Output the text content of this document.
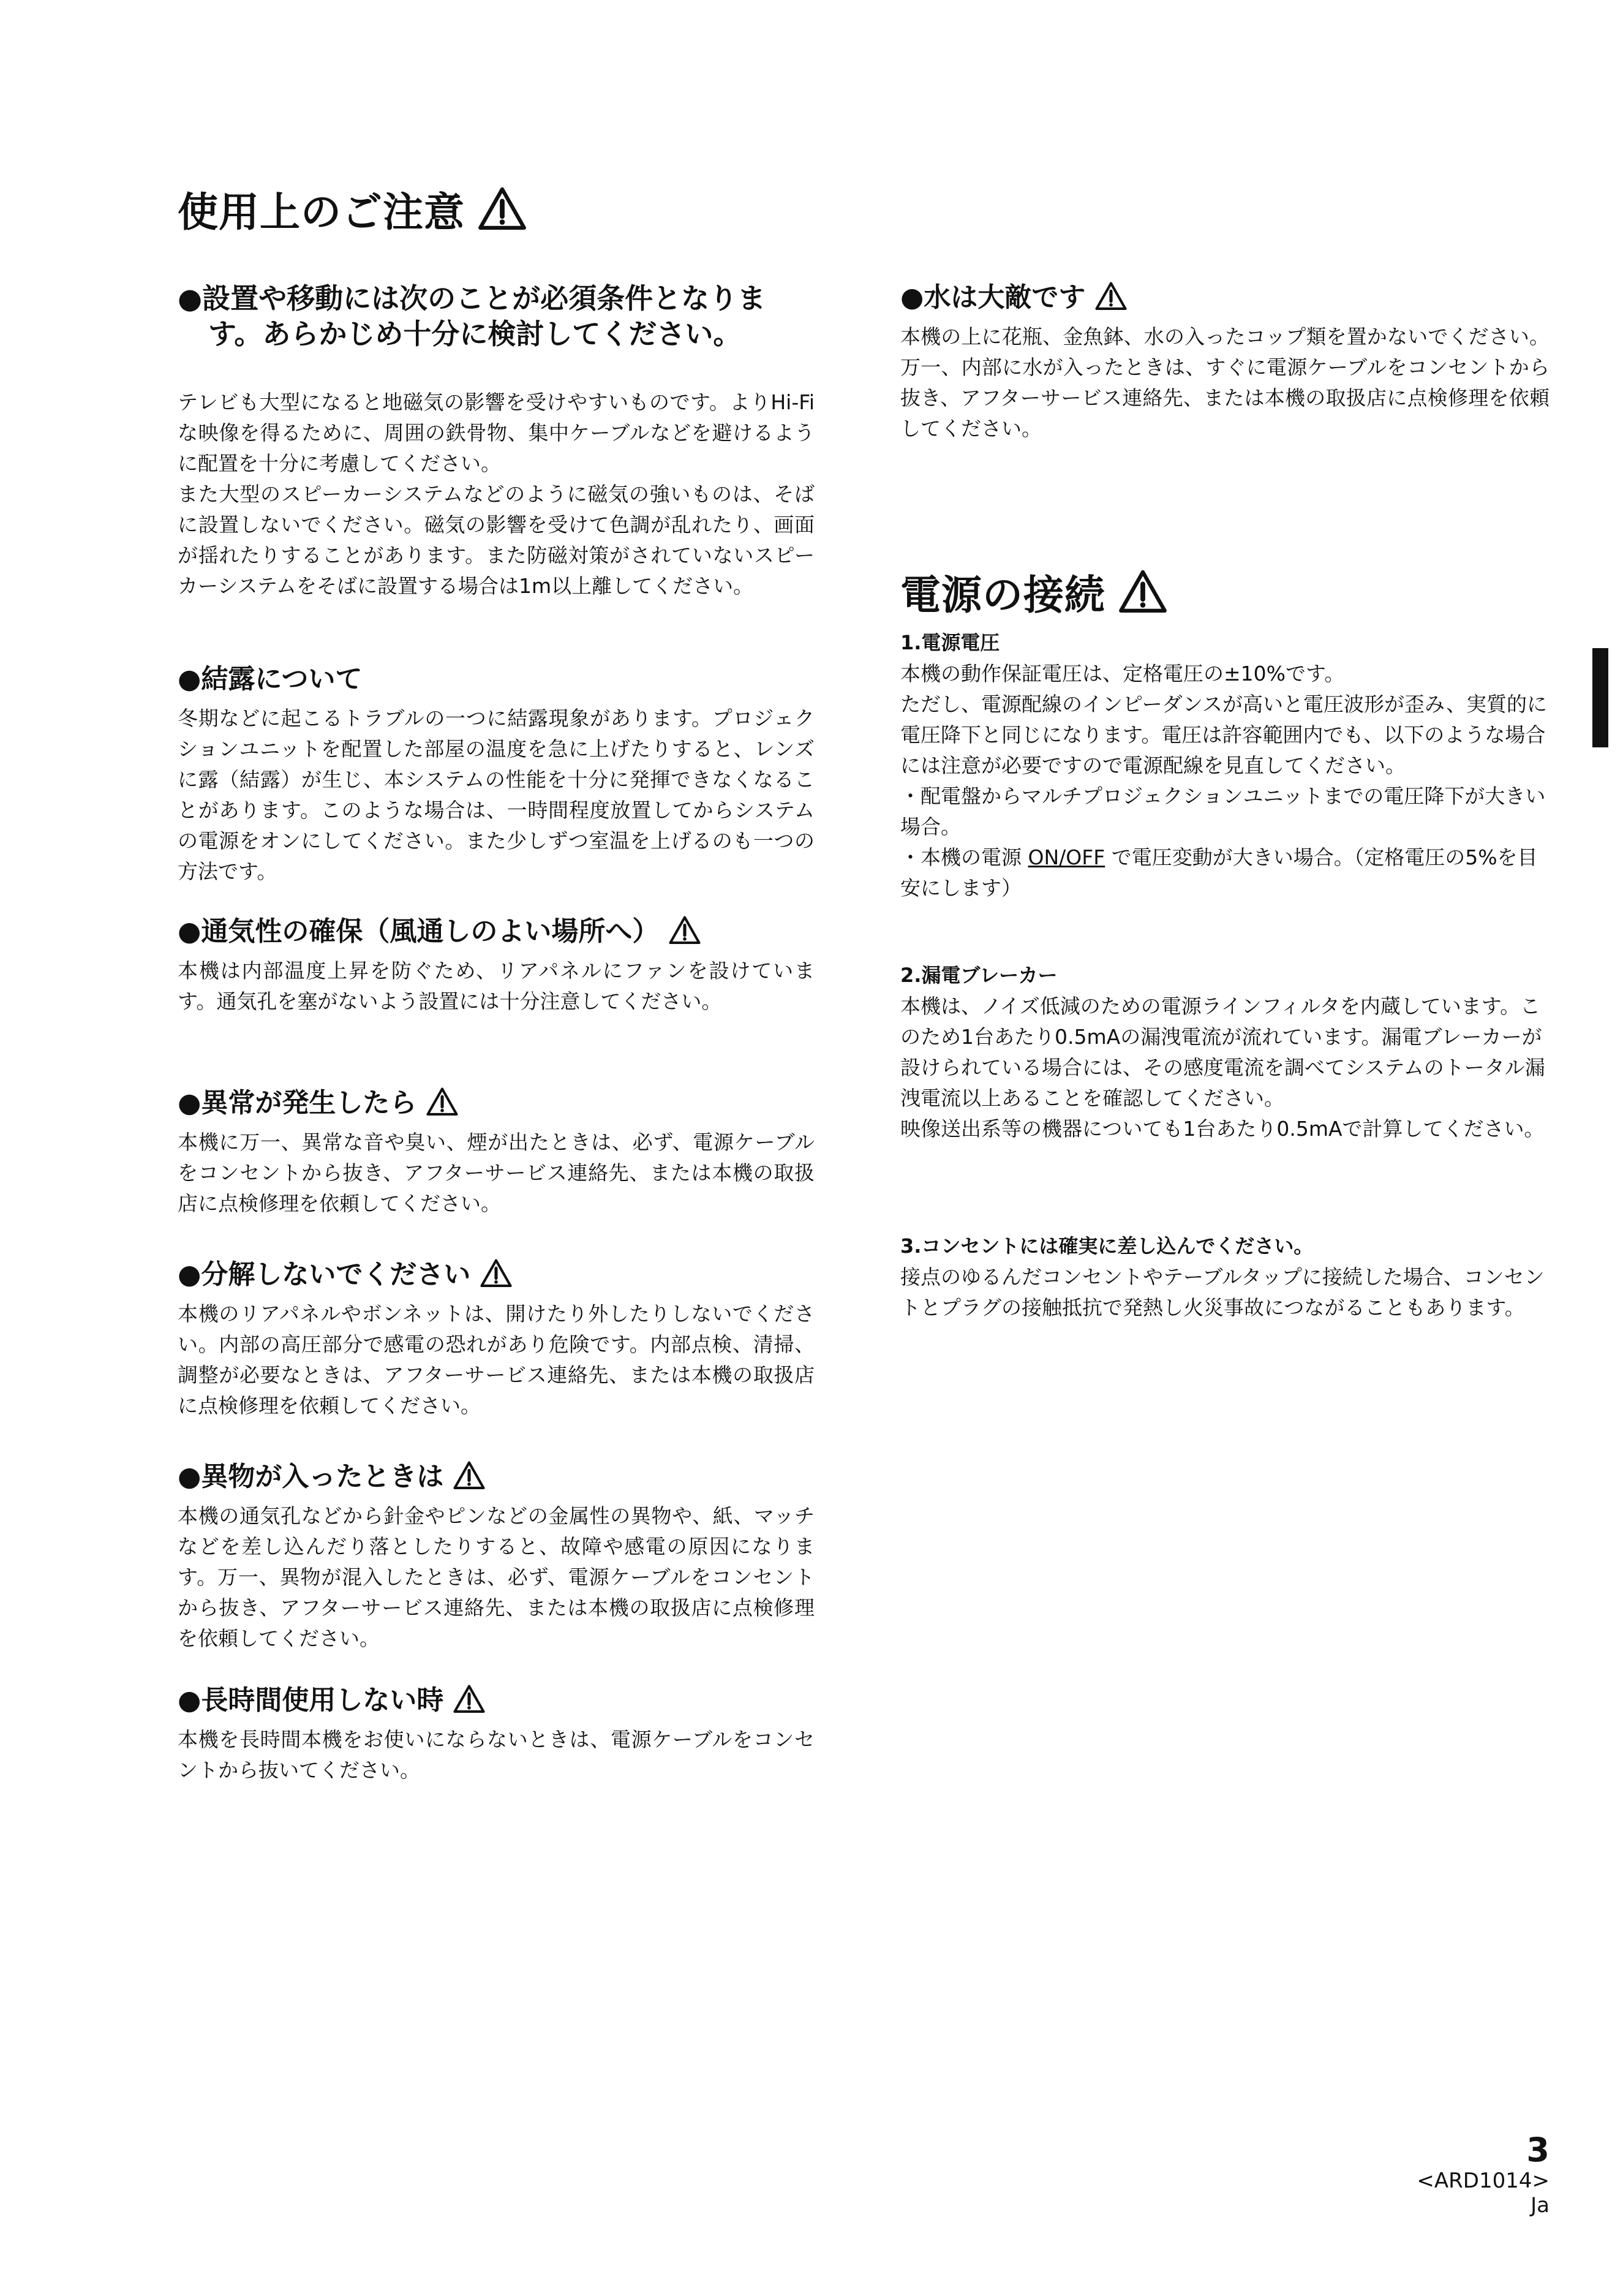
使用上のご注意
●設置や移動には次のことが必須条件となります。あらかじめ十分に検討してください。

テレビも大型になると地磁気の影響を受けやすいものです。よりHi-Fiな映像を得るために、周囲の鉄骨物、集中ケーブルなどを避けるように配置を十分に考慮してください。
また大型のスピーカーシステムなどのように磁気の強いものは、そばに設置しないでください。磁気の影響を受けて色調が乱れたり、画面が揺れたりすることがあります。また防磁対策がされていないスピーカーシステムをそばに設置する場合は1m以上離してください。

●結露について

冬期などに起こるトラブルの一つに結露現象があります。プロジェクションユニットを配置した部屋の温度を急に上げたりすると、レンズに露（結露）が生じ、本システムの性能を十分に発揮できなくなることがあります。このような場合は、一時間程度放置してからシステムの電源をオンにしてください。また少しずつ室温を上げるのも一つの方法です。

●通気性の確保（風通しのよい場所へ）

本機は内部温度上昇を防ぐため、リアパネルにファンを設けています。通気孔を塞がないよう設置には十分注意してください。

●異常が発生したら

本機に万一、異常な音や臭い、煙が出たときは、必ず、電源ケーブルをコンセントから抜き、アフターサービス連絡先、または本機の取扱店に点検修理を依頼してください。

●分解しないでください

本機のリアパネルやボンネットは、開けたり外したりしないでください。内部の高圧部分で感電の恐れがあり危険です。内部点検、清掃、調整が必要なときは、アフターサービス連絡先、または本機の取扱店に点検修理を依頼してください。

●異物が入ったときは

本機の通気孔などから針金やピンなどの金属性の異物や、紙、マッチなどを差し込んだり落としたりすると、故障や感電の原因になります。万一、異物が混入したときは、必ず、電源ケーブルをコンセントから抜き、アフターサービス連絡先、または本機の取扱店に点検修理を依頼してください。

●長時間使用しない時

本機を長時間本機をお使いにならないときは、電源ケーブルをコンセントから抜いてください。

●水は大敵です

本機の上に花瓶、金魚鉢、水の入ったコップ類を置かないでください。万一、内部に水が入ったときは、すぐに電源ケーブルをコンセントから抜き、アフターサービス連絡先、または本機の取扱店に点検修理を依頼してください。

電源の接続
1.電源電圧

本機の動作保証電圧は、定格電圧の±10%です。
ただし、電源配線のインピーダンスが高いと電圧波形が歪み、実質的に電圧降下と同じになります。電圧は許容範囲内でも、以下のような場合には注意が必要ですので電源配線を見直してください。
・配電盤からマルチプロジェクションユニットまでの電圧降下が大きい場合。
・本機の電源 ON/OFF で電圧変動が大きい場合。（定格電圧の5%を目安にします）

2.漏電ブレーカー

本機は、ノイズ低減のための電源ラインフィルタを内蔵しています。このため1台あたり0.5mAの漏洩電流が流れています。漏電ブレーカーが設けられている場合には、その感度電流を調べてシステムのトータル漏洩電流以上あることを確認してください。
映像送出系等の機器についても1台あたり0.5mAで計算してください。

3.コンセントには確実に差し込んでください。

接点のゆるんだコンセントやテーブルタップに接続した場合、コンセントとプラグの接触抵抗で発熱し火災事故につながることもあります。

3
<ARD1014>
Ja
